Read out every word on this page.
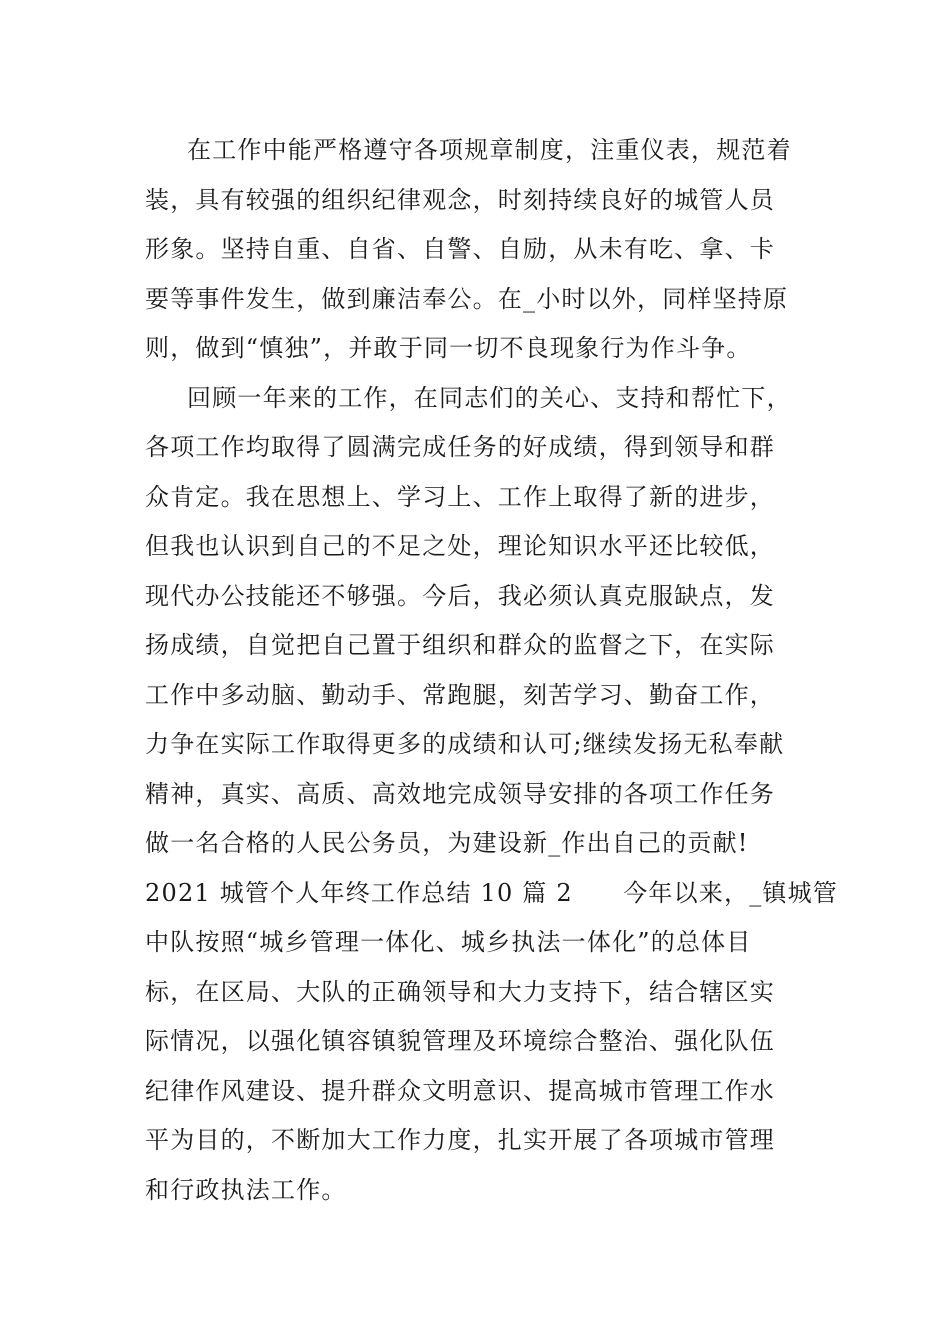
在工作中能严格遵守各项规章制度，注重仪表，规范着
装，具有较强的组织纪律观念，时刻持续良好的城管人员
形象。坚持自重、自省、自警、自励，从未有吃、拿、卡
要等事件发生，做到廉洁奉公。在_小时以外，同样坚持原
则，做到“慎独”，并敢于同一切不良现象行为作斗争。
回顾一年来的工作，在同志们的关心、支持和帮忙下，
各项工作均取得了圆满完成任务的好成绩，得到领导和群
众肯定。我在思想上、学习上、工作上取得了新的进步，
但我也认识到自己的不足之处，理论知识水平还比较低，
现代办公技能还不够强。今后，我必须认真克服缺点，发
扬成绩，自觉把自己置于组织和群众的监督之下，在实际
工作中多动脑、勤动手、常跑腿，刻苦学习、勤奋工作，
力争在实际工作取得更多的成绩和认可;继续发扬无私奉献
精神，真实、高质、高效地完成领导安排的各项工作任务
做一名合格的人民公务员，为建设新_作出自己的贡献!
2021 城管个人年终工作总结 10 篇 2　　今年以来，_镇城管
中队按照“城乡管理一体化、城乡执法一体化”的总体目
标，在区局、大队的正确领导和大力支持下，结合辖区实
际情况，以强化镇容镇貌管理及环境综合整治、强化队伍
纪律作风建设、提升群众文明意识、提高城市管理工作水
平为目的，不断加大工作力度，扎实开展了各项城市管理
和行政执法工作。
